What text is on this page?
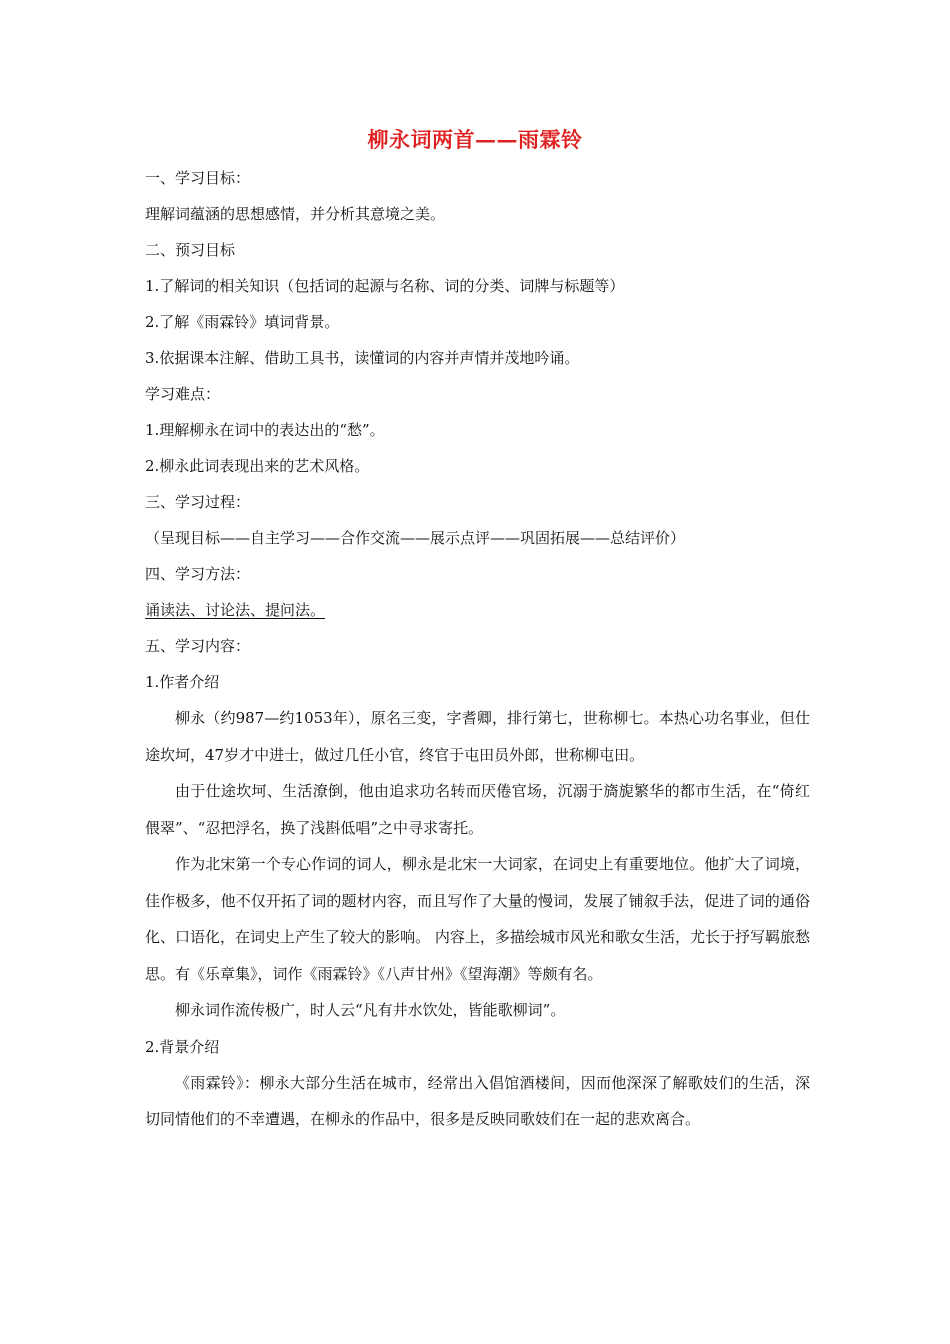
柳永词两首——雨霖铃
一、学习目标：
理解词蕴涵的思想感情，并分析其意境之美。
二、预习目标
1.了解词的相关知识（包括词的起源与名称、词的分类、词牌与标题等）
2.了解《雨霖铃》填词背景。
3.依据课本注解、借助工具书，读懂词的内容并声情并茂地吟诵。
学习难点：
1.理解柳永在词中的表达出的“愁”。
2.柳永此词表现出来的艺术风格。
三、学习过程：
（呈现目标——自主学习——合作交流——展示点评——巩固拓展——总结评价）
四、学习方法：
诵读法、讨论法、提问法。
五、学习内容：
1.作者介绍

柳永（约987—约1053年），原名三变，字耆卿，排行第七，世称柳七。本热心功名事业，但仕途坎坷，47岁才中进士，做过几任小官，终官于屯田员外郎，世称柳屯田。

由于仕途坎坷、生活潦倒，他由追求功名转而厌倦官场，沉溺于旖旎繁华的都市生活，在“倚红偎翠”、“忍把浮名，换了浅斟低唱”之中寻求寄托。

作为北宋第一个专心作词的词人，柳永是北宋一大词家，在词史上有重要地位。他扩大了词境，佳作极多，他不仅开拓了词的题材内容，而且写作了大量的慢词，发展了铺叙手法，促进了词的通俗化、口语化，在词史上产生了较大的影响。 内容上，多描绘城市风光和歌女生活，尤长于抒写羁旅愁思。有《乐章集》，词作《雨霖铃》《八声甘州》《望海潮》等颇有名。

柳永词作流传极广，时人云“凡有井水饮处，皆能歌柳词”。

2.背景介绍

《雨霖铃》：柳永大部分生活在城市，经常出入倡馆酒楼间，因而他深深了解歌妓们的生活，深切同情他们的不幸遭遇，在柳永的作品中，很多是反映同歌妓们在一起的悲欢离合。
